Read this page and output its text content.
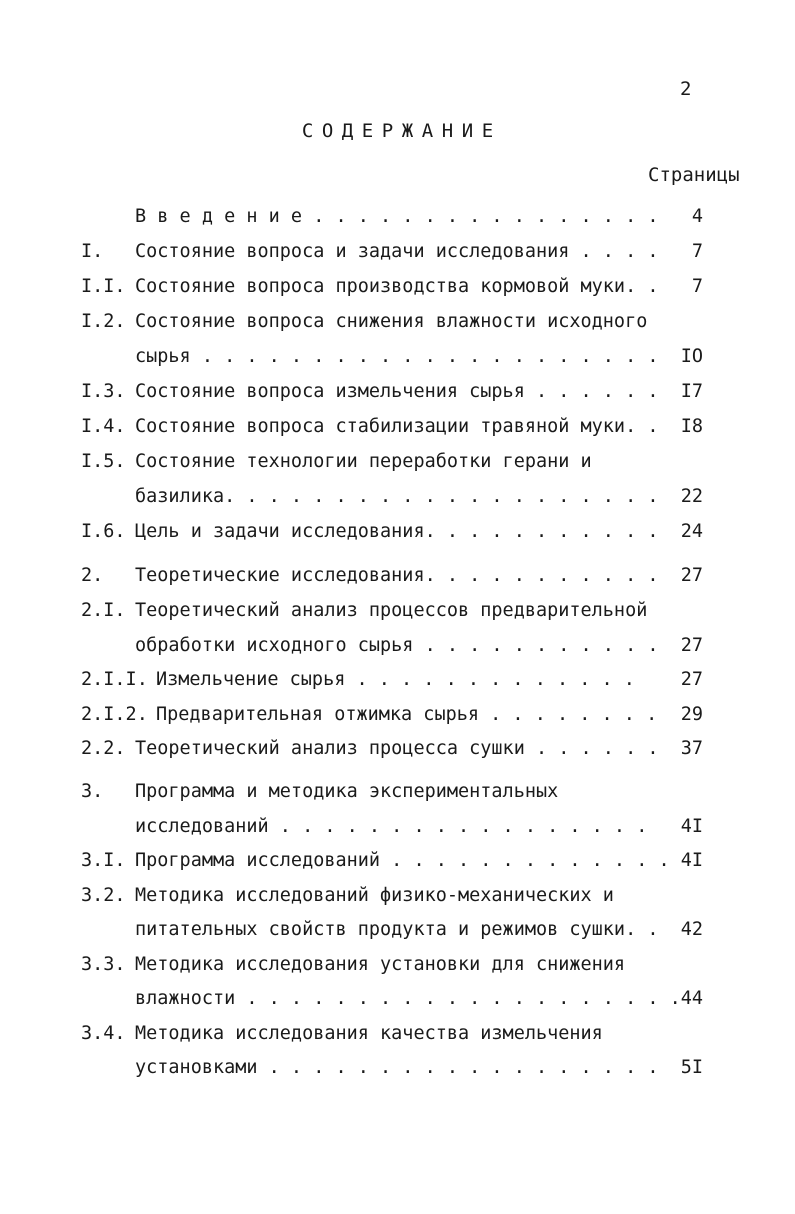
2
СОДЕРЖАНИЕ
Страницы
В в е д е н и е . . . . . . . . . . . . . . . . 4
I. Состояние вопроса и задачи исследования . . . . 7
I.I. Состояние вопроса производства кормовой муки. . 7
I.2. Состояние вопроса снижения влажности исходного
сырья . . . . . . . . . . . . . . . . . . . . . IO
I.3. Состояние вопроса измельчения сырья . . . . . . I7
I.4. Состояние вопроса стабилизации травяной муки. . I8
I.5. Состояние технологии переработки герани и
базилика. . . . . . . . . . . . . . . . . . . . 22
I.6. Цель и задачи исследования. . . . . . . . . . . 24
2. Теоретические исследования. . . . . . . . . . . 27
2.I. Теоретический анализ процессов предварительной
обработки исходного сырья . . . . . . . . . . . 27
2.I.I. Измельчение сырья . . . . . . . . . . . . . 27
2.I.2. Предварительная отжимка сырья . . . . . . . . 29
2.2. Теоретический анализ процесса сушки . . . . . . 37
3. Программа и методика экспериментальных
исследований . . . . . . . . . . . . . . . . . 4I
3.I. Программа исследований . . . . . . . . . . . . . 4I
3.2. Методика исследований физико-механических и
питательных свойств продукта и режимов сушки. . 42
3.3. Методика исследования установки для снижения
влажности . . . . . . . . . . . . . . . . . . . . 44
3.4. Методика исследования качества измельчения
установками . . . . . . . . . . . . . . . . . . 5I
